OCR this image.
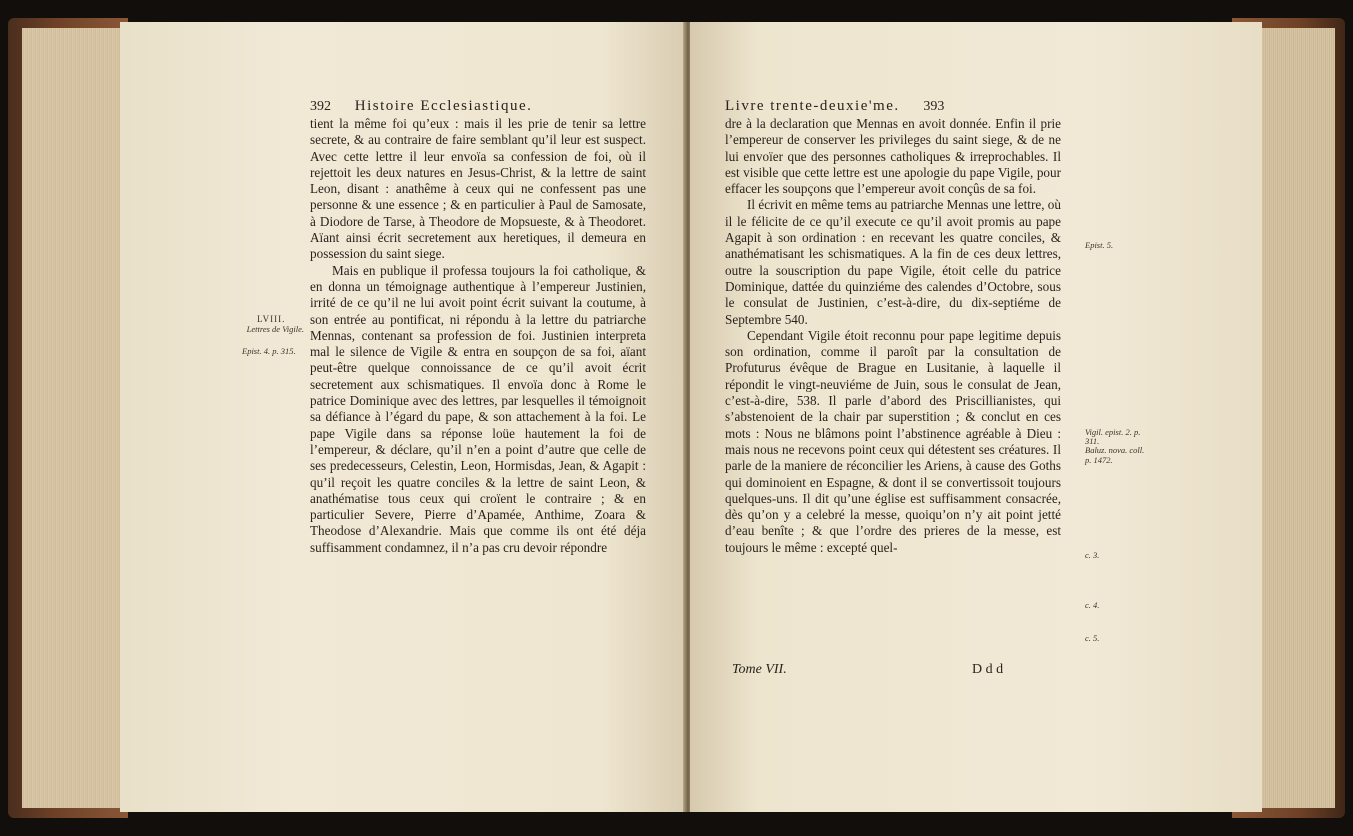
392 Histoire Ecclesiastique.

tient la même foi qu’eux : mais il les prie de tenir sa lettre secrete, & au contraire de faire semblant qu’il leur est suspect. Avec cette lettre il leur envoïa sa confession de foi, où il rejettoit les deux natures en Jesus-Christ, & la lettre de saint Leon, disant : anathême à ceux qui ne confessent pas une personne & une essence ; & en particulier à Paul de Samosate, à Diodore de Tarse, à Theodore de Mopsueste, & à Theodoret. Aïant ainsi écrit secretement aux heretiques, il demeura en possession du saint siege.

Mais en publique il professa toujours la foi catholique, & en donna un témoignage authentique à l’empereur Justinien, irrité de ce qu’il ne lui avoit point écrit suivant la coutume, à son entrée au pontificat, ni répondu à la lettre du patriarche Mennas, contenant sa profession de foi. Justinien interpreta mal le silence de Vigile & entra en soupçon de sa foi, aïant peut-être quelque connoissance de ce qu’il avoit écrit secretement aux schismatiques. Il envoïa donc à Rome le patrice Dominique avec des lettres, par lesquelles il témoignoit sa défiance à l’égard du pape, & son attachement à la foi. Le pape Vigile dans sa réponse loüe hautement la foi de l’empereur, & déclare, qu’il n’en a point d’autre que celle de ses predecesseurs, Celestin, Leon, Hormisdas, Jean, & Agapit : qu’il reçoit les quatre conciles & la lettre de saint Leon, & anathématise tous ceux qui croïent le contraire ; & en particulier Severe, Pierre d’Apamée, Anthime, Zoara & Theodose d’Alexandrie. Mais que comme ils ont été déja suffisamment condamnez, il n’a pas cru devoir répondre

LVIII.
Lettres de Vigile.
Epist. 4. p. 315.
Livre trente-deuxie'me. 393

dre à la declaration que Mennas en avoit donnée. Enfin il prie l’empereur de conserver les privileges du saint siege, & de ne lui envoïer que des personnes catholiques & irreprochables. Il est visible que cette lettre est une apologie du pape Vigile, pour effacer les soupçons que l’empereur avoit conçûs de sa foi.

Il écrivit en même tems au patriarche Mennas une lettre, où il le félicite de ce qu’il execute ce qu’il avoit promis au pape Agapit à son ordination : en recevant les quatre conciles, & anathématisant les schismatiques. A la fin de ces deux lettres, outre la souscription du pape Vigile, étoit celle du patrice Dominique, dattée du quinziéme des calendes d’Octobre, sous le consulat de Justinien, c’est-à-dire, du dix-septiéme de Septembre 540.

Cependant Vigile étoit reconnu pour pape legitime depuis son ordination, comme il paroît par la consultation de Profuturus évêque de Brague en Lusitanie, à laquelle il répondit le vingt-neuviéme de Juin, sous le consulat de Jean, c’est-à-dire, 538. Il parle d’abord des Priscillianistes, qui s’abstenoient de la chair par superstition ; & conclut en ces mots : Nous ne blâmons point l’abstinence agréable à Dieu : mais nous ne recevons point ceux qui détestent ses créatures. Il parle de la maniere de réconcilier les Ariens, à cause des Goths qui dominoient en Espagne, & dont il se convertissoit toujours quelques-uns. Il dit qu’une église est suffisamment consacrée, dès qu’on y a celebré la messe, quoiqu’on n’y ait point jetté d’eau benîte ; & que l’ordre des prieres de la messe, est toujours le même : excepté quel-

Epist. 5.
Vigil. epist. 2. p.
311.
Baluz. nova. coll.
p. 1472.
c. 3.
c. 4.
c. 5.
Tome VII.	D d d
